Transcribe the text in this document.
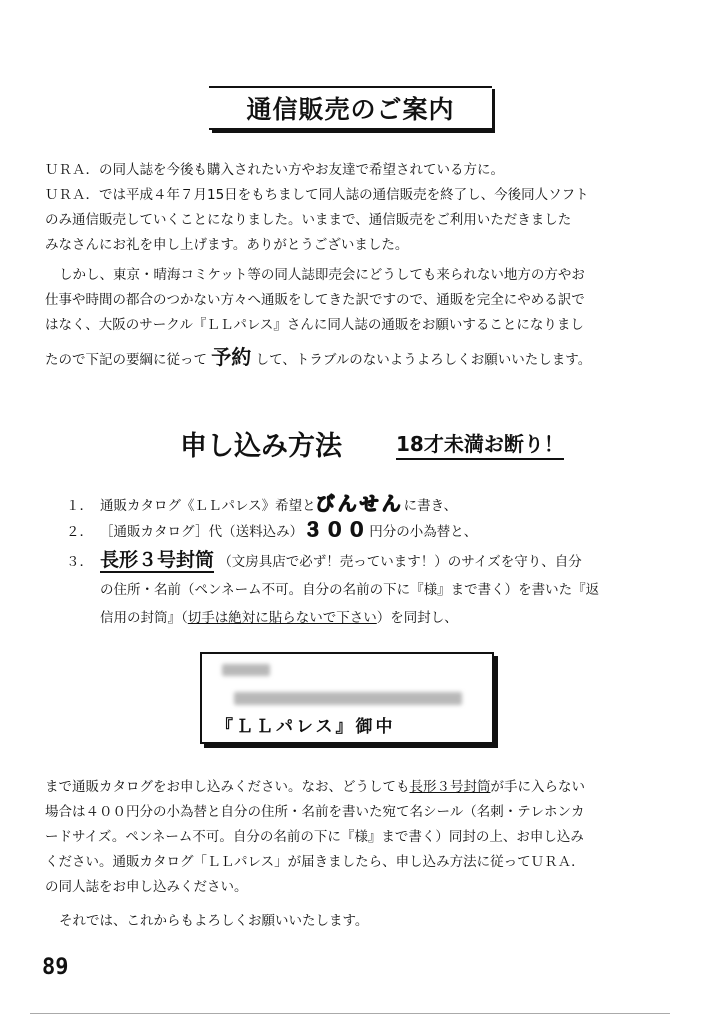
通信販売のご案内
ＵＲＡ．の同人誌を今後も購入されたい方やお友達で希望されている方に。
ＵＲＡ．では平成４年７月15日をもちまして同人誌の通信販売を終了し、今後同人ソフト
のみ通信販売していくことになりました。いままで、通信販売をご利用いただきました
みなさんにお礼を申し上げます。ありがとうございました。
しかし、東京・晴海コミケット等の同人誌即売会にどうしても来られない地方の方やお
仕事や時間の都合のつかない方々へ通販をしてきた訳ですので、通販を完全にやめる訳で
はなく、大阪のサークル『ＬＬパレス』さんに同人誌の通販をお願いすることになりまし
たので下記の要綱に従って 予約 して、トラブルのないようよろしくお願いいたします。
申し込み方法	18才未満お断り！
１． 通販カタログ《ＬＬパレス》希望とびんせんに書き、
２． ［通販カタログ］代（送料込み）３００円分の小為替と、
３． 長形３号封筒 （文房具店で必ず！売っています！）のサイズを守り、自分
の住所・名前（ペンネーム不可。自分の名前の下に『様』まで書く）を書いた『返
信用の封筒』（切手は絶対に貼らないで下さい）を同封し、
『ＬＬパレス』御中
まで通販カタログをお申し込みください。なお、どうしても長形３号封筒が手に入らない
場合は４００円分の小為替と自分の住所・名前を書いた宛て名シール（名刺・テレホンカ
ードサイズ。ペンネーム不可。自分の名前の下に『様』まで書く）同封の上、お申し込み
ください。通販カタログ「ＬＬパレス」が届きましたら、申し込み方法に従ってＵＲＡ．
の同人誌をお申し込みください。
それでは、これからもよろしくお願いいたします。
89
